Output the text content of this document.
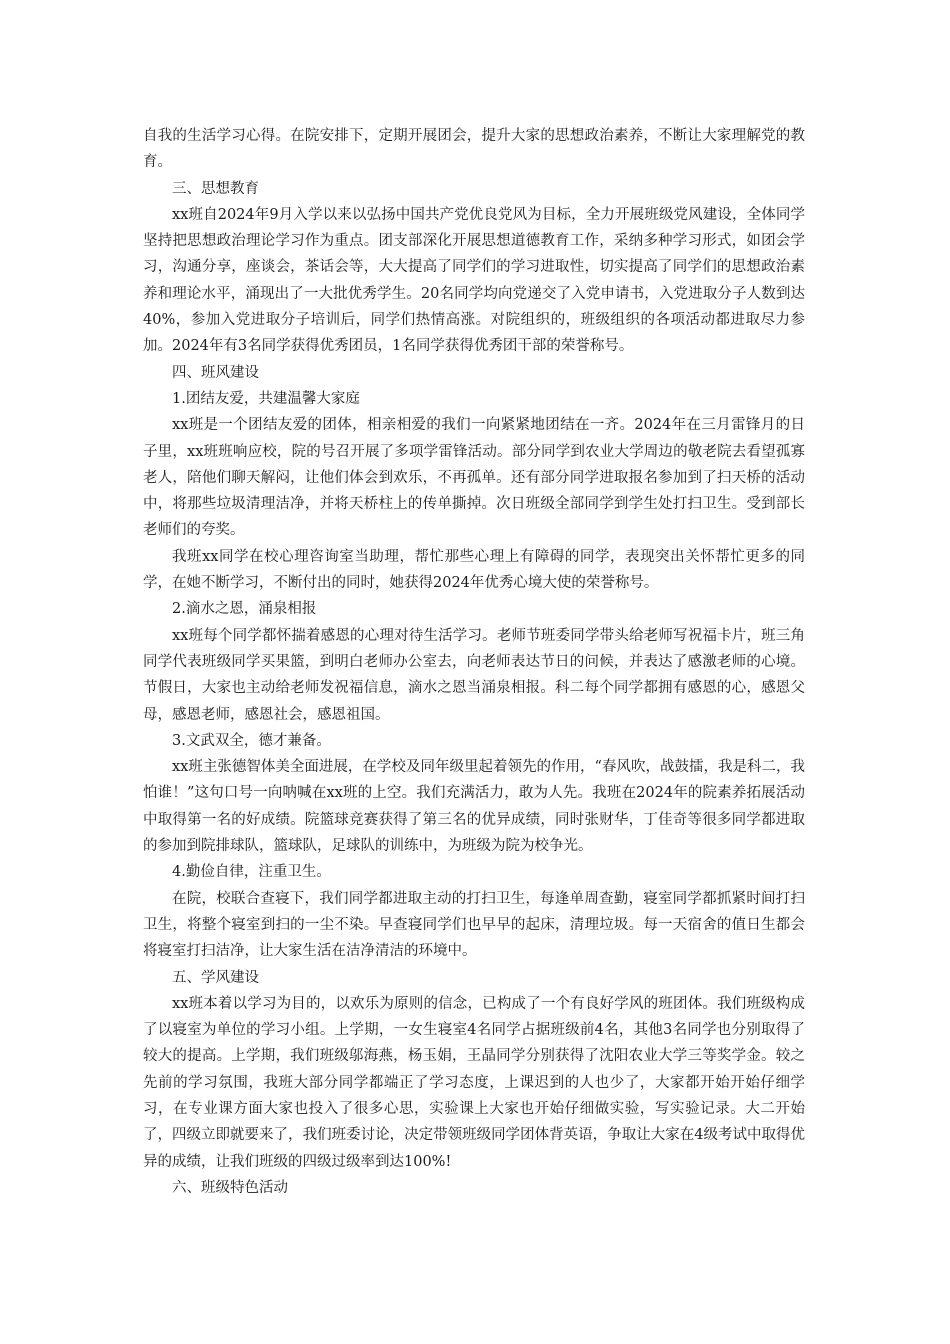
自我的生活学习心得。在院安排下，定期开展团会，提升大家的思想政治素养，不断让大家理解党的教育。

三、思想教育

xx班自2024年9月入学以来以弘扬中国共产党优良党风为目标，全力开展班级党风建设，全体同学坚持把思想政治理论学习作为重点。团支部深化开展思想道德教育工作，采纳多种学习形式，如团会学习，沟通分享，座谈会，茶话会等，大大提高了同学们的学习进取性，切实提高了同学们的思想政治素养和理论水平，涌现出了一大批优秀学生。20名同学均向党递交了入党申请书，入党进取分子人数到达40%，参加入党进取分子培训后，同学们热情高涨。对院组织的，班级组织的各项活动都进取尽力参加。2024年有3名同学获得优秀团员，1名同学获得优秀团干部的荣誉称号。

四、班风建设

1.团结友爱，共建温馨大家庭

xx班是一个团结友爱的团体，相亲相爱的我们一向紧紧地团结在一齐。2024年在三月雷锋月的日子里，xx班班响应校，院的号召开展了多项学雷锋活动。部分同学到农业大学周边的敬老院去看望孤寡老人，陪他们聊天解闷，让他们体会到欢乐，不再孤单。还有部分同学进取报名参加到了扫天桥的活动中，将那些垃圾清理洁净，并将天桥柱上的传单撕掉。次日班级全部同学到学生处打扫卫生。受到部长老师们的夸奖。

我班xx同学在校心理咨询室当助理，帮忙那些心理上有障碍的同学，表现突出关怀帮忙更多的同学，在她不断学习，不断付出的同时，她获得2024年优秀心境大使的荣誉称号。

2.滴水之恩，涌泉相报

xx班每个同学都怀揣着感恩的心理对待生活学习。老师节班委同学带头给老师写祝福卡片，班三角同学代表班级同学买果篮，到明白老师办公室去，向老师表达节日的问候，并表达了感激老师的心境。节假日，大家也主动给老师发祝福信息，滴水之恩当涌泉相报。科二每个同学都拥有感恩的心，感恩父母，感恩老师，感恩社会，感恩祖国。

3.文武双全，德才兼备。

xx班主张德智体美全面进展，在学校及同年级里起着领先的作用，“春风吹，战鼓擂，我是科二，我怕谁！”这句口号一向呐喊在xx班的上空。我们充满活力，敢为人先。我班在2024年的院素养拓展活动中取得第一名的好成绩。院篮球竞赛获得了第三名的优异成绩，同时张财华，丁佳奇等很多同学都进取的参加到院排球队，篮球队，足球队的训练中，为班级为院为校争光。

4.勤俭自律，注重卫生。

在院，校联合查寝下，我们同学都进取主动的打扫卫生，每逢单周查勤，寝室同学都抓紧时间打扫卫生，将整个寝室到扫的一尘不染。早查寝同学们也早早的起床，清理垃圾。每一天宿舍的值日生都会将寝室打扫洁净，让大家生活在洁净清洁的环境中。

五、学风建设

xx班本着以学习为目的，以欢乐为原则的信念，已构成了一个有良好学风的班团体。我们班级构成了以寝室为单位的学习小组。上学期，一女生寝室4名同学占据班级前4名，其他3名同学也分别取得了较大的提高。上学期，我们班级邬海燕，杨玉娟，王晶同学分别获得了沈阳农业大学三等奖学金。较之先前的学习氛围，我班大部分同学都端正了学习态度，上课迟到的人也少了，大家都开始开始仔细学习，在专业课方面大家也投入了很多心思，实验课上大家也开始仔细做实验，写实验记录。大二开始了，四级立即就要来了，我们班委讨论，决定带领班级同学团体背英语，争取让大家在4级考试中取得优异的成绩，让我们班级的四级过级率到达100%!

六、班级特色活动
